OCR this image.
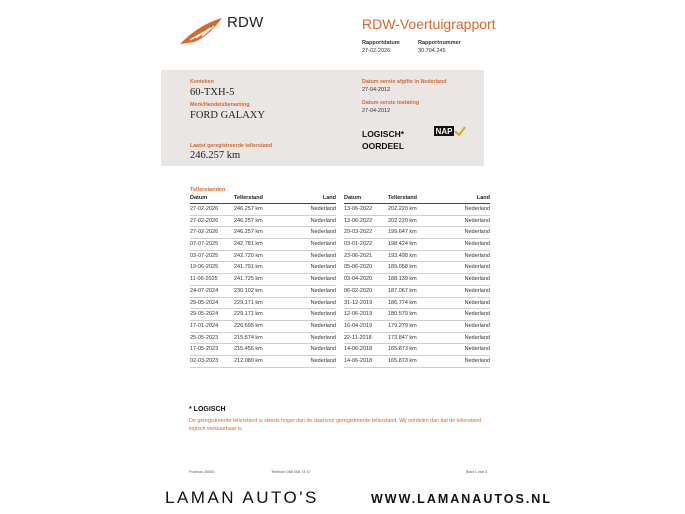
RDW	RDW-Voertuigrapport
Rapportdatum	Rapportnummer
27-02-2026	30.704.245
Kenteken
60-TXH-5
Merk/Handelsbenaming
FORD GALAXY
Laatst geregistreerde tellerstand
246.257 km
Datum eerste afgifte in Nederland
27-04-2012
Datum eerste toelating
27-04-2012
LOGISCH*
OORDEEL
NAP
Tellerstanden
Datum	Tellerstand	Land
27-02-2026	246.257 km	Nederland
27-02-2026	246.257 km	Nederland
27-02-2026	246.257 km	Nederland
07-07-2025	242.781 km	Nederland
03-07-2025	242.720 km	Nederland
19-06-2025	241.791 km	Nederland
11-06-2025	241.725 km	Nederland
24-07-2024	230.102 km	Nederland
29-05-2024	229.171 km	Nederland
29-05-2024	229.171 km	Nederland
17-01-2024	226.695 km	Nederland
25-05-2023	215.574 km	Nederland
17-05-2023	215.456 km	Nederland
02-03-2023	212.080 km	Nederland
Datum	Tellerstand	Land
13-06-2022	202.220 km	Nederland
13-06-2022	202.220 km	Nederland
29-03-2022	199.647 km	Nederland
03-01-2022	198.424 km	Nederland
23-06-2021	193.498 km	Nederland
05-06-2020	189.058 km	Nederland
03-04-2020	188.139 km	Nederland
06-02-2020	187.067 km	Nederland
31-12-2019	186.774 km	Nederland
12-06-2019	180.579 km	Nederland
16-04-2019	179.279 km	Nederland
22-11-2018	173.847 km	Nederland
14-06-2018	165.873 km	Nederland
14-06-2018	165.873 km	Nederland
* LOGISCH
De geregistreerde tellerstand is steeds hoger dan de daarvoor geregistreerde tellerstand. Wij oordelen dan dat de tellerstand logisch verklaarbaar is.
Postbus 30000	Telefoon 088 008 74 47	Blad 1 van 4
LAMAN AUTO'S	WWW.LAMANAUTOS.NL
